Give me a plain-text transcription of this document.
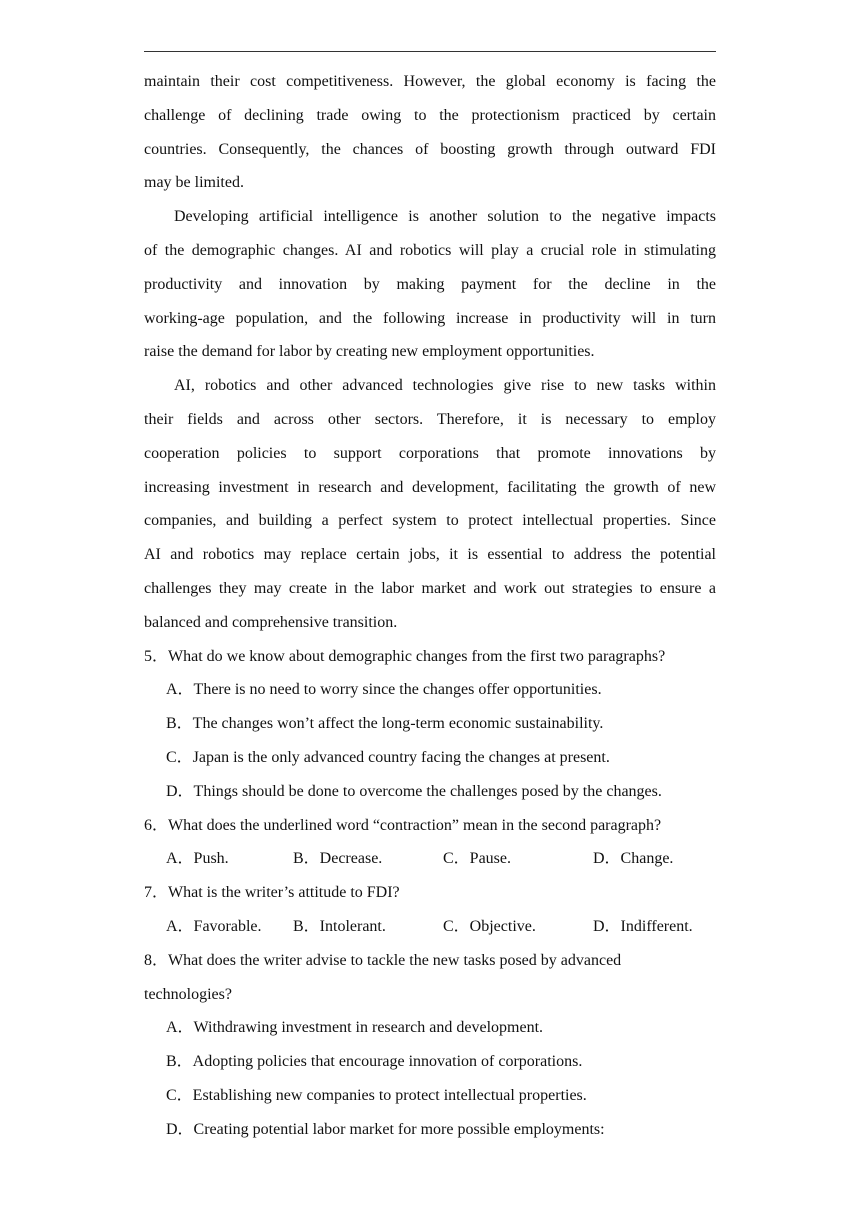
maintain their cost competitiveness. However, the global economy is facing the
challenge of declining trade owing to the protectionism practiced by certain
countries. Consequently, the chances of boosting growth through outward FDI
may be limited.
Developing artificial intelligence is another solution to the negative impacts
of the demographic changes. AI and robotics will play a crucial role in stimulating
productivity and innovation by making payment for the decline in the
working-age population, and the following increase in productivity will in turn
raise the demand for labor by creating new employment opportunities.
AI, robotics and other advanced technologies give rise to new tasks within
their fields and across other sectors. Therefore, it is necessary to employ
cooperation policies to support corporations that promote innovations by
increasing investment in research and development, facilitating the growth of new
companies, and building a perfect system to protect intellectual properties. Since
AI and robotics may replace certain jobs, it is essential to address the potential
challenges they may create in the labor market and work out strategies to ensure a
balanced and comprehensive transition.
5．What do we know about demographic changes from the first two paragraphs?
A．There is no need to worry since the changes offer opportunities.
B．The changes won’t affect the long-term economic sustainability.
C．Japan is the only advanced country facing the changes at present.
D．Things should be done to overcome the challenges posed by the changes.
6．What does the underlined word “contraction” mean in the second paragraph?
A．Push.	B．Decrease.	C．Pause.	D．Change.
7．What is the writer’s attitude to FDI?
A．Favorable.	B．Intolerant.	C．Objective.	D．Indifferent.
8．What does the writer advise to tackle the new tasks posed by advanced
technologies?
A．Withdrawing investment in research and development.
B．Adopting policies that encourage innovation of corporations.
C．Establishing new companies to protect intellectual properties.
D．Creating potential labor market for more possible employments:
